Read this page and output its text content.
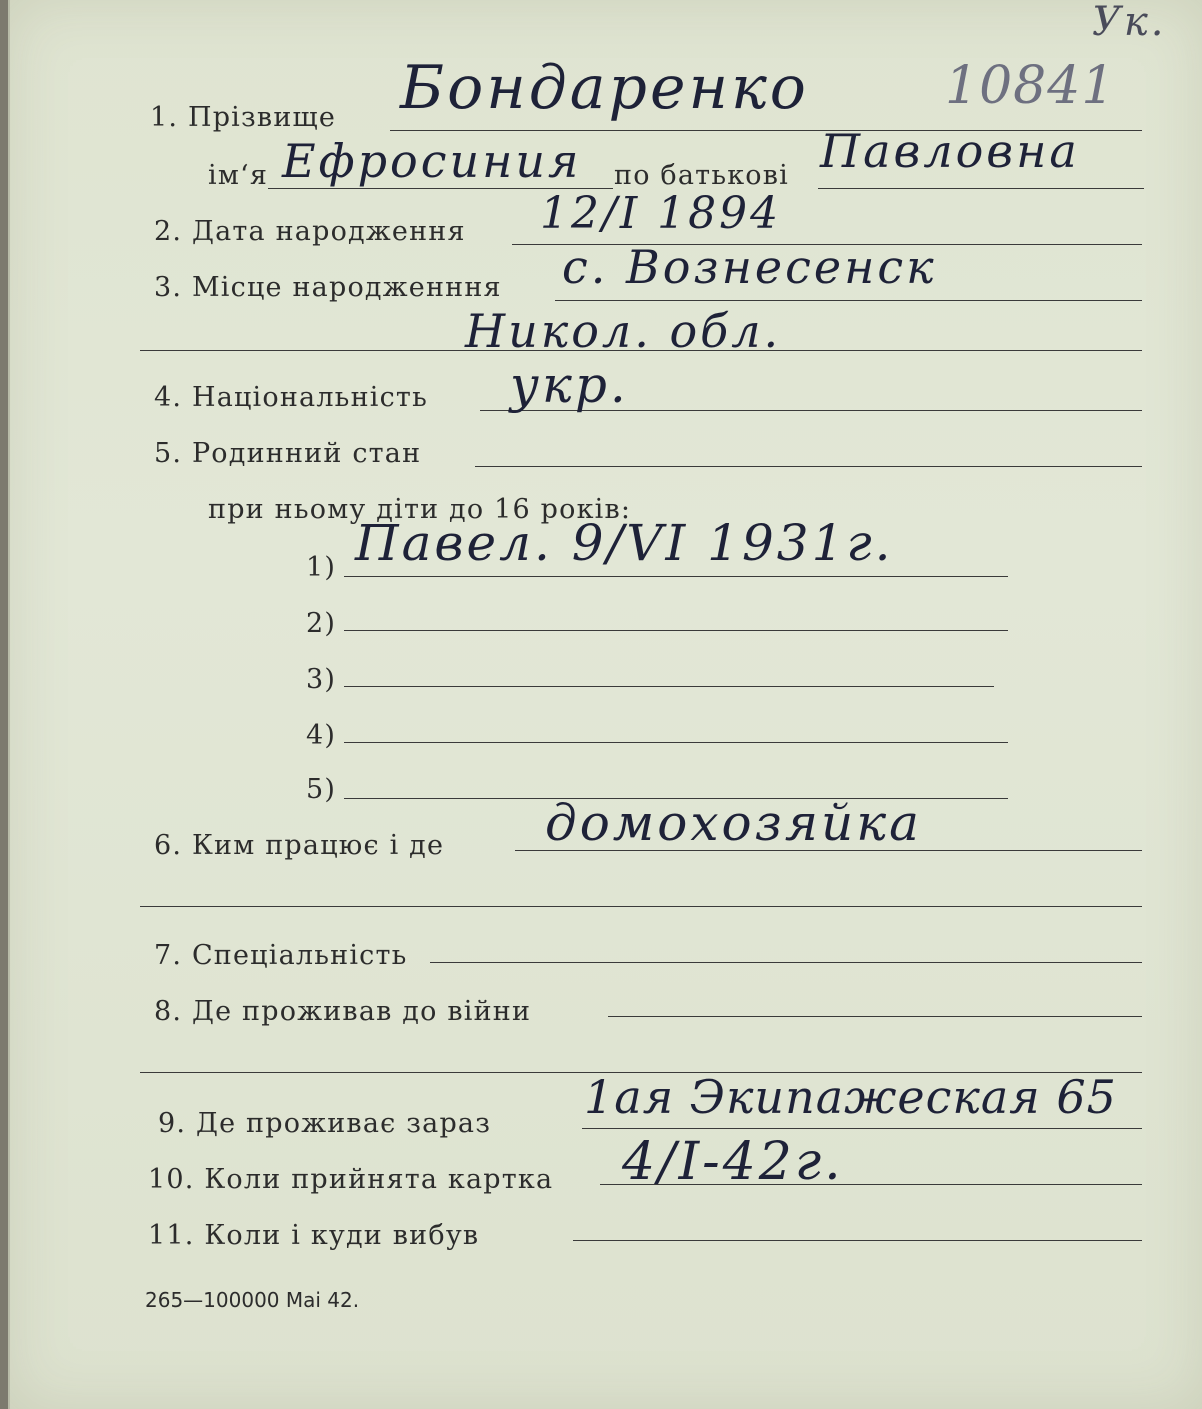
Ук.
10841
1. Прізвище Бондаренко
ім‘я Ефросиния по батькові Павловна
2. Дата народження 12/I 1894
3. Місце народженння с. Вознесенск
Никол. обл.
4. Національність укр.
5. Родинний стан
при ньому діти до 16 років:
1) Павел. 9/VI 1931г.
2)
3)
4)
5)
6. Ким працює і де домохозяйка
7. Спеціальність
8. Де проживав до війни
9. Де проживає зараз 1ая Экипажеская 65
10. Коли прийнята картка 4/I-42г.
11. Коли і куди вибув
265—100000 Mai 42.
